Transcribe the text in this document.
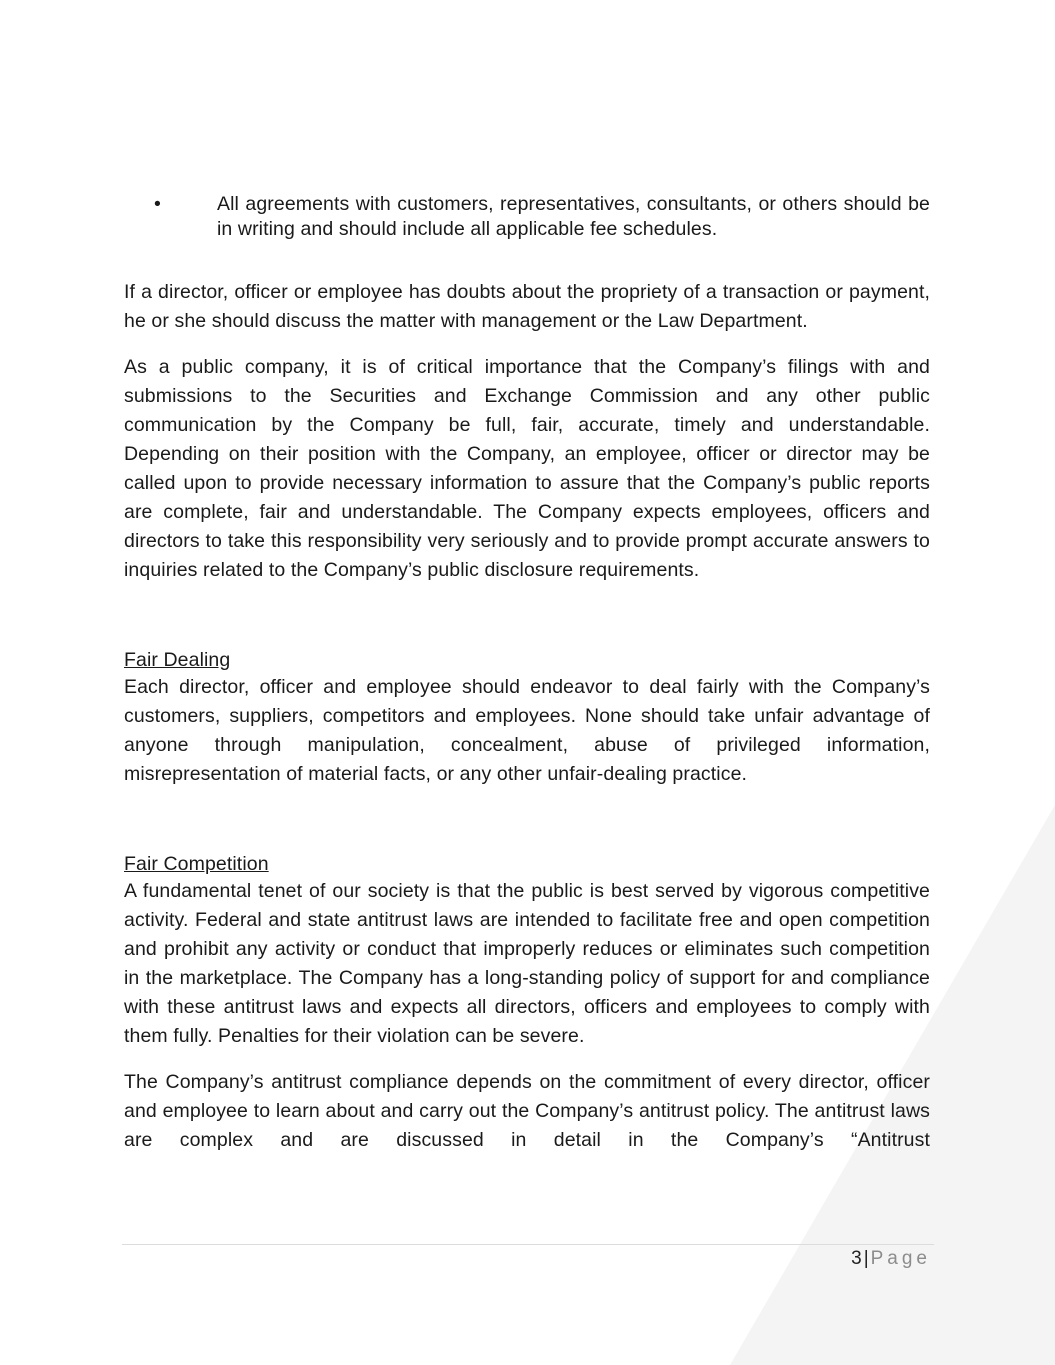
•	All agreements with customers, representatives, consultants, or others should be in writing and should include all applicable fee schedules.

If a director, officer or employee has doubts about the propriety of a transaction or payment, he or she should discuss the matter with management or the Law Department.

As a public company, it is of critical importance that the Company’s filings with and submissions to the Securities and Exchange Commission and any other public communication by the Company be full, fair, accurate, timely and understandable. Depending on their position with the Company, an employee, officer or director may be called upon to provide necessary information to assure that the Company’s public reports are complete, fair and understandable. The Company expects employees, officers and directors to take this responsibility very seriously and to provide prompt accurate answers to inquiries related to the Company’s public disclosure requirements.

Fair Dealing

Each director, officer and employee should endeavor to deal fairly with the Company’s customers, suppliers, competitors and employees. None should take unfair advantage of anyone through manipulation, concealment, abuse of privileged information, misrepresentation of material facts, or any other unfair-dealing practice.

Fair Competition

A fundamental tenet of our society is that the public is best served by vigorous competitive activity. Federal and state antitrust laws are intended to facilitate free and open competition and prohibit any activity or conduct that improperly reduces or eliminates such competition in the marketplace. The Company has a long-standing policy of support for and compliance with these antitrust laws and expects all directors, officers and employees to comply with them fully. Penalties for their violation can be severe.

The Company’s antitrust compliance depends on the commitment of every director, officer and employee to learn about and carry out the Company’s antitrust policy. The antitrust laws are complex and are discussed in detail in the Company’s “Antitrust

3|Page
